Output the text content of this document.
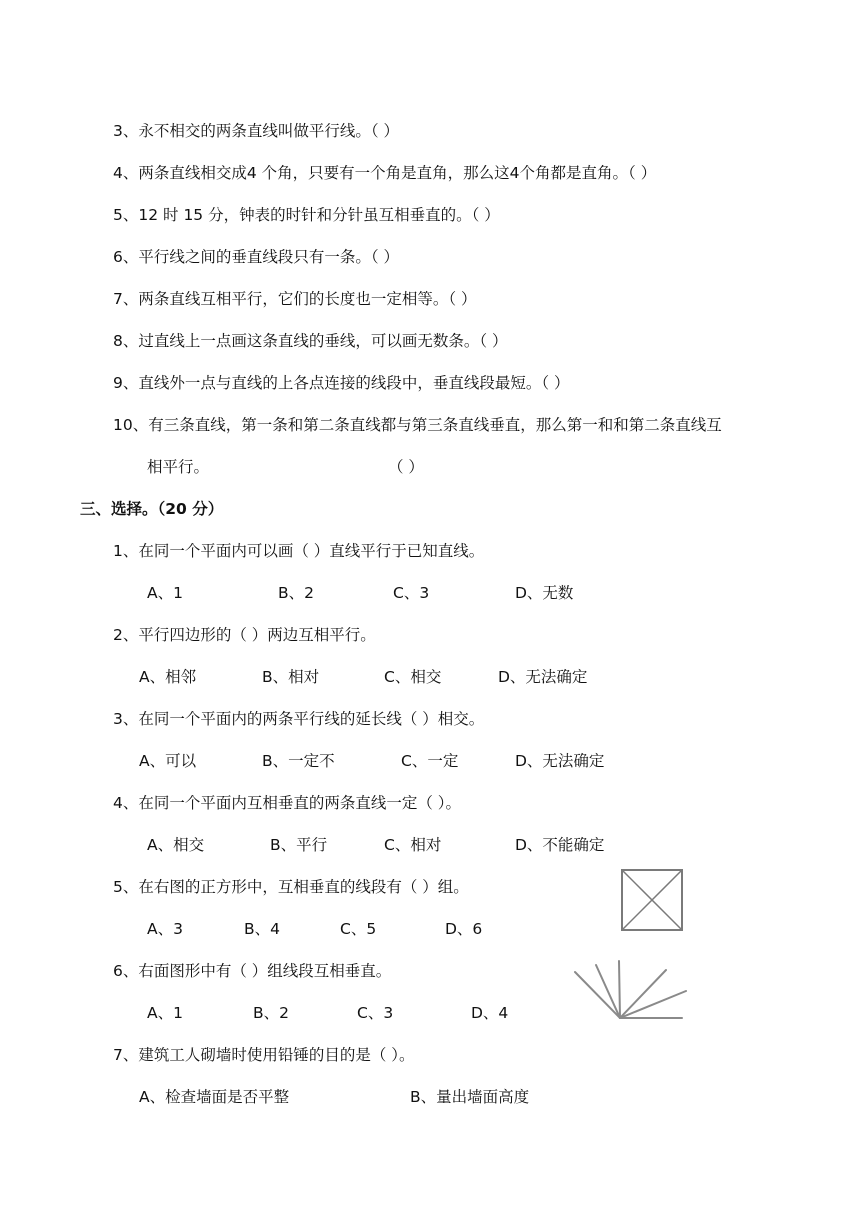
3、永不相交的两条直线叫做平行线。（ ）
4、两条直线相交成4 个角，只要有一个角是直角，那么这4个角都是直角。（ ）
5、12 时 15 分，钟表的时针和分针虽互相垂直的。（ ）
6、平行线之间的垂直线段只有一条。（ ）
7、两条直线互相平行，它们的长度也一定相等。（ ）
8、过直线上一点画这条直线的垂线，可以画无数条。（ ）
9、直线外一点与直线的上各点连接的线段中，垂直线段最短。（ ）
10、有三条直线，第一条和第二条直线都与第三条直线垂直，那么第一和和第二条直线互
相平行。	（ ）
三、选择。（20 分）
1、在同一个平面内可以画（ ）直线平行于已知直线。
A、1	B、2	C、3	D、无数
2、平行四边形的（ ）两边互相平行。
A、相邻	B、相对	C、相交	D、无法确定
3、在同一个平面内的两条平行线的延长线（ ）相交。
A、可以	B、一定不	C、一定	D、无法确定
4、在同一个平面内互相垂直的两条直线一定（ ）。
A、相交	B、平行	C、相对	D、不能确定
5、在右图的正方形中，互相垂直的线段有（ ）组。
A、3	B、4	C、5	D、6
6、右面图形中有（ ）组线段互相垂直。
A、1	B、2	C、3	D、4
7、建筑工人砌墙时使用铅锤的目的是（ ）。
A、检查墙面是否平整	B、量出墙面高度
